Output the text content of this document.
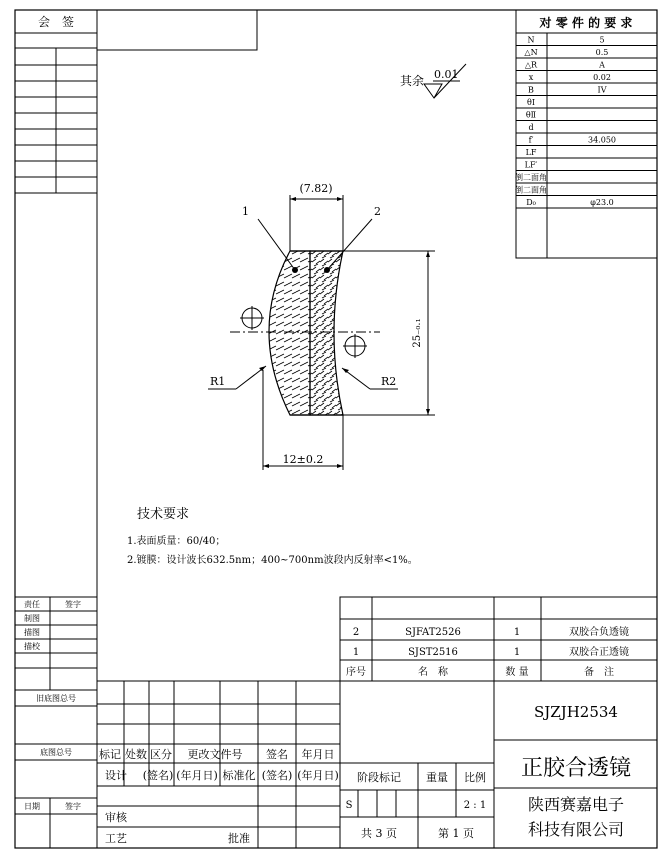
会　签
其余 0.01
对 零 件 的 要 求
N	5
△N	0.5
△R	A
x	0.02
B	IV
θⅠ
θⅡ
d
f′	34.050
LF
LF′
倒二面角
倒二面角
D₀	φ23.0
1	2
(7.82)
12±0.2
25₋₀.₁
R1	R2
技术要求
1.表面质量：60/40；
2.镀膜：设计波长632.5nm；400~700nm波段内反射率<1%。
责任	签字
制图
描图
描校
旧底图总号
底图总号
日期	签字
2	SJFAT2526	1	双胶合负透镜
1	SJST2516	1	双胶合正透镜
序号	名　称	数 量	备　注
标记 处数 区分 更改文件号 签名 年月日
设计 (签名) (年月日) 标准化 (签名) (年月日)
审核
工艺	批准
阶段标记 重量 比例
S	2 : 1
共 3 页	第 1 页
SJZJH2534
正胶合透镜
陕西赛嘉电子
科技有限公司
